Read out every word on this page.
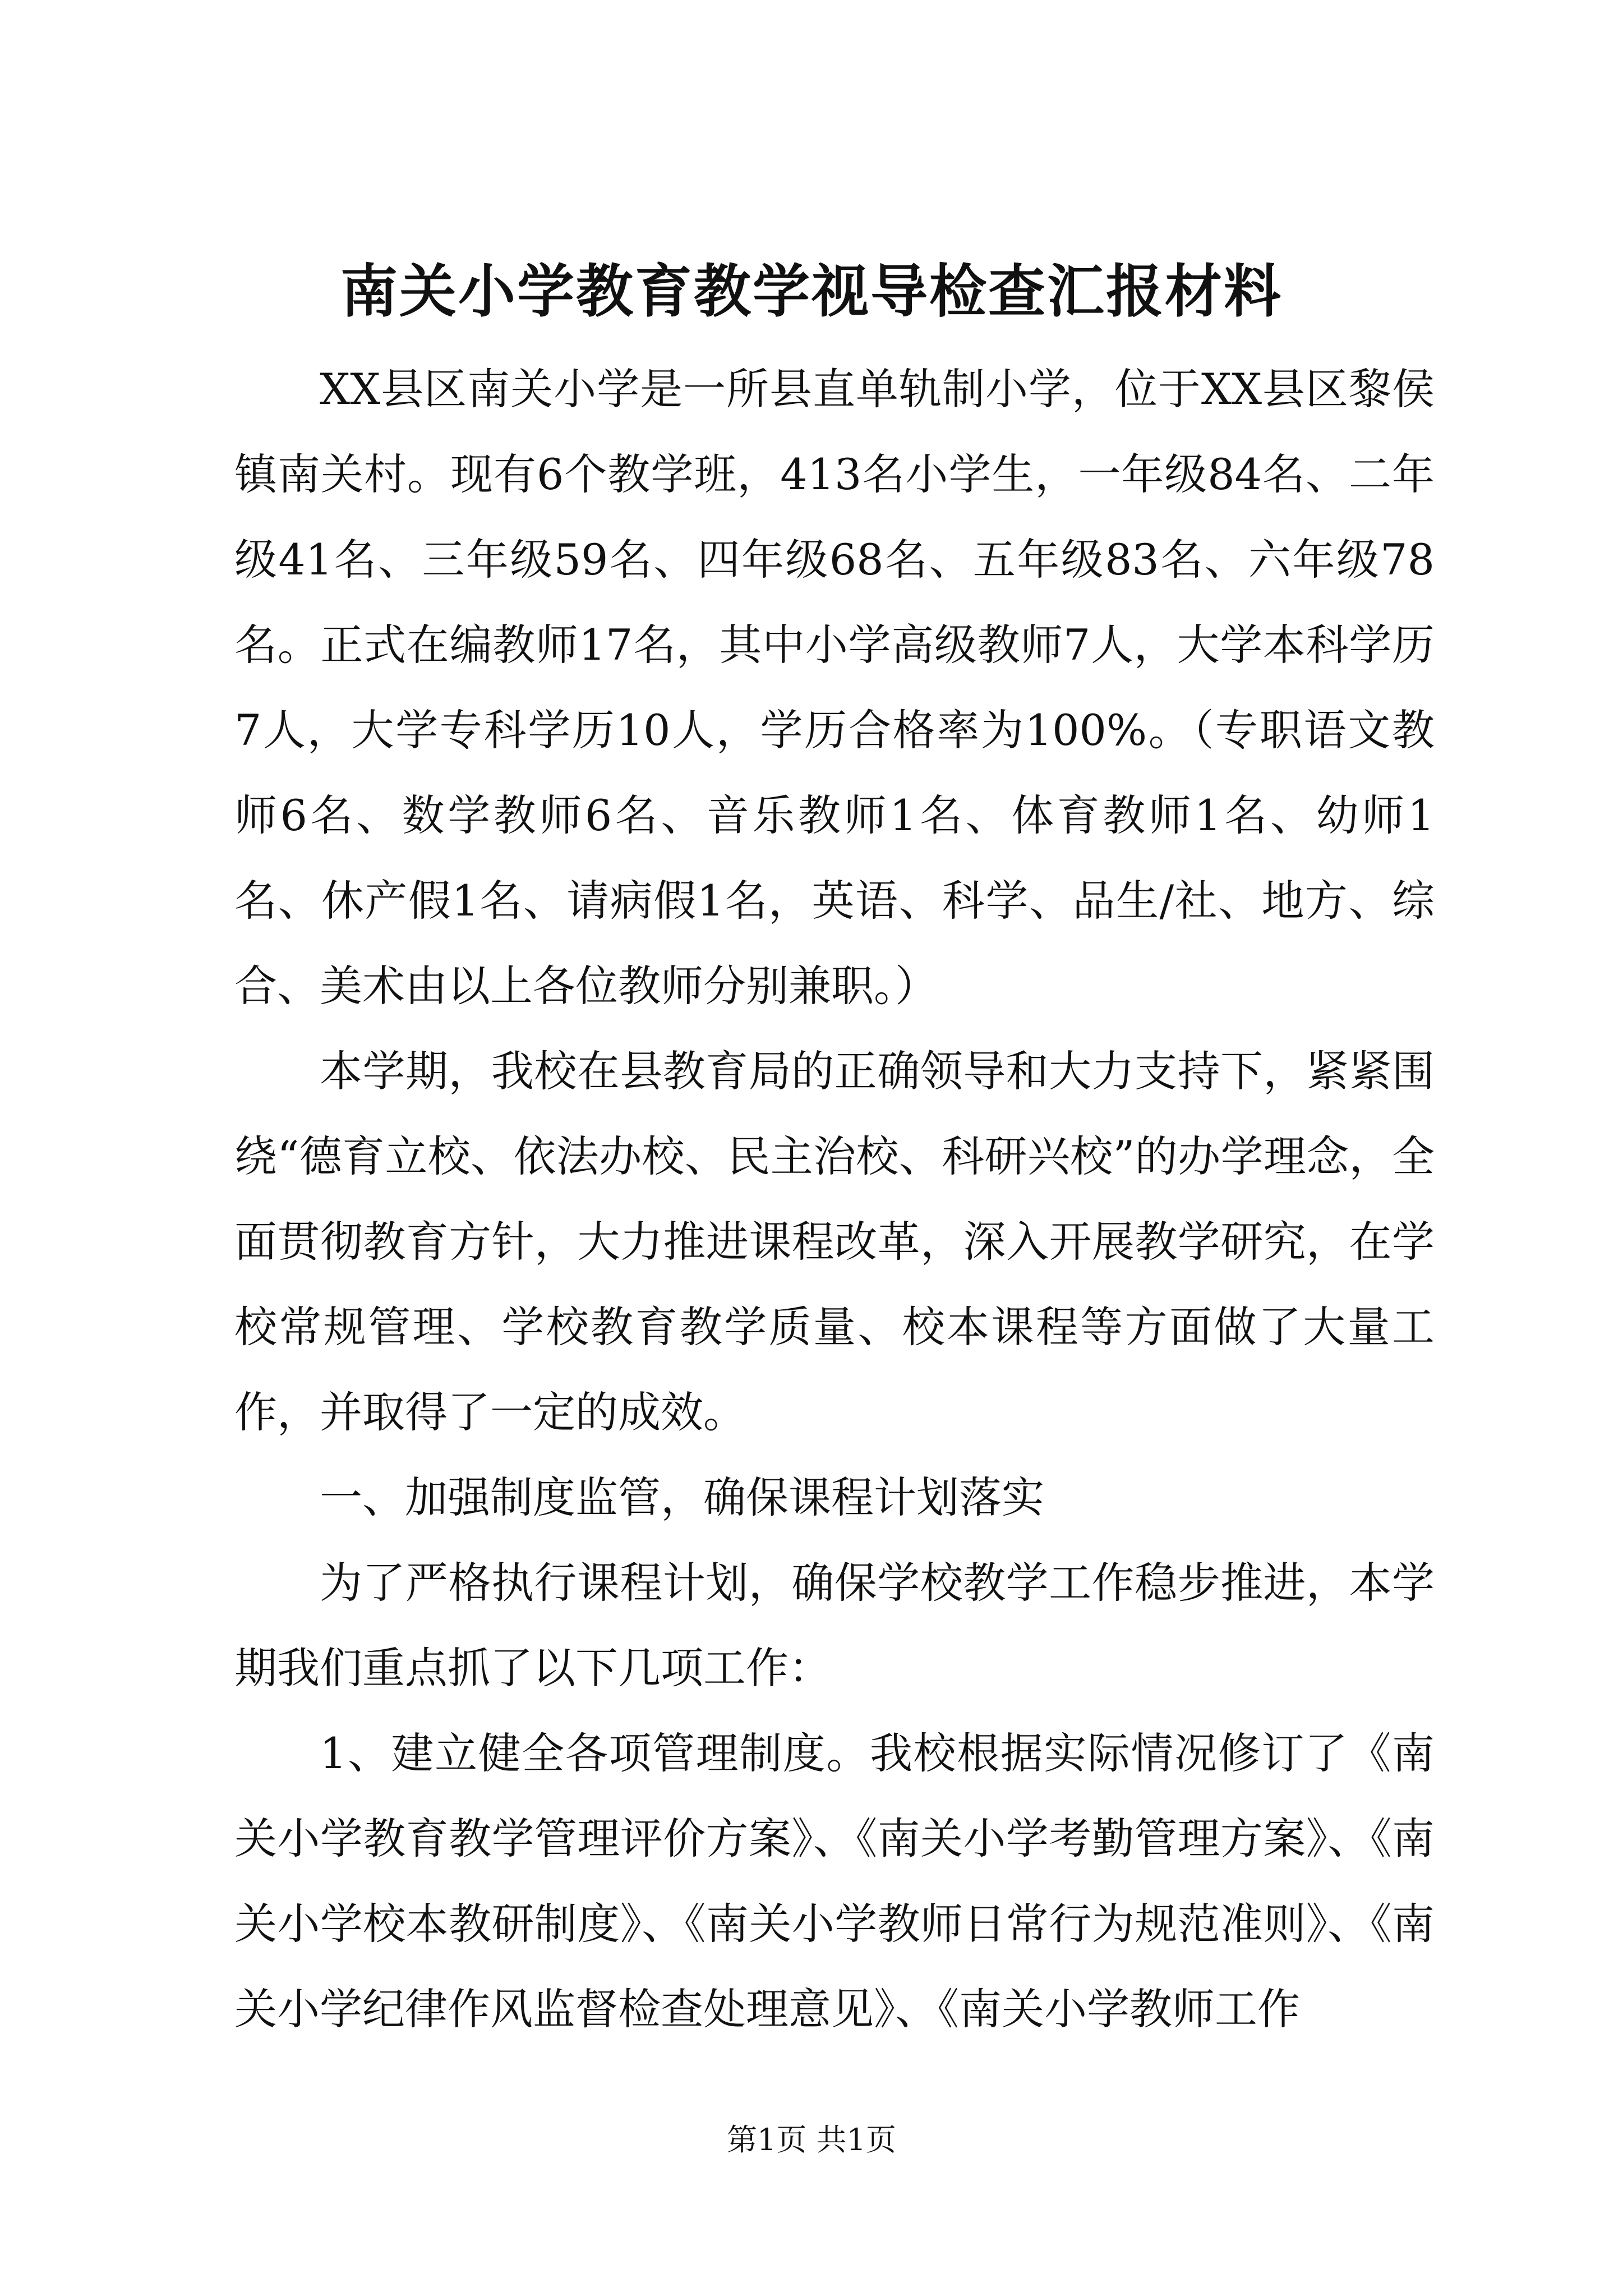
南关小学教育教学视导检查汇报材料

XX县区南关小学是一所县直单轨制小学，位于XX县区黎侯镇南关村。现有6个教学班，413名小学生，一年级84名、二年级41名、三年级59名、四年级68名、五年级83名、六年级78名。正式在编教师17名，其中小学高级教师7人，大学本科学历7人，大学专科学历10人，学历合格率为100%。（专职语文教师6名、数学教师6名、音乐教师1名、体育教师1名、幼师1名、休产假1名、请病假1名，英语、科学、品生/社、地方、综合、美术由以上各位教师分别兼职。）

本学期，我校在县教育局的正确领导和大力支持下，紧紧围绕“德育立校、依法办校、民主治校、科研兴校”的办学理念，全面贯彻教育方针，大力推进课程改革，深入开展教学研究，在学校常规管理、学校教育教学质量、校本课程等方面做了大量工作，并取得了一定的成效。

一、加强制度监管，确保课程计划落实

为了严格执行课程计划，确保学校教学工作稳步推进，本学期我们重点抓了以下几项工作：

1、建立健全各项管理制度。我校根据实际情况修订了《南关小学教育教学管理评价方案》、《南关小学考勤管理方案》、《南关小学校本教研制度》、《南关小学教师日常行为规范准则》、《南关小学纪律作风监督检查处理意见》、《南关小学教师工作

第1页 共1页
